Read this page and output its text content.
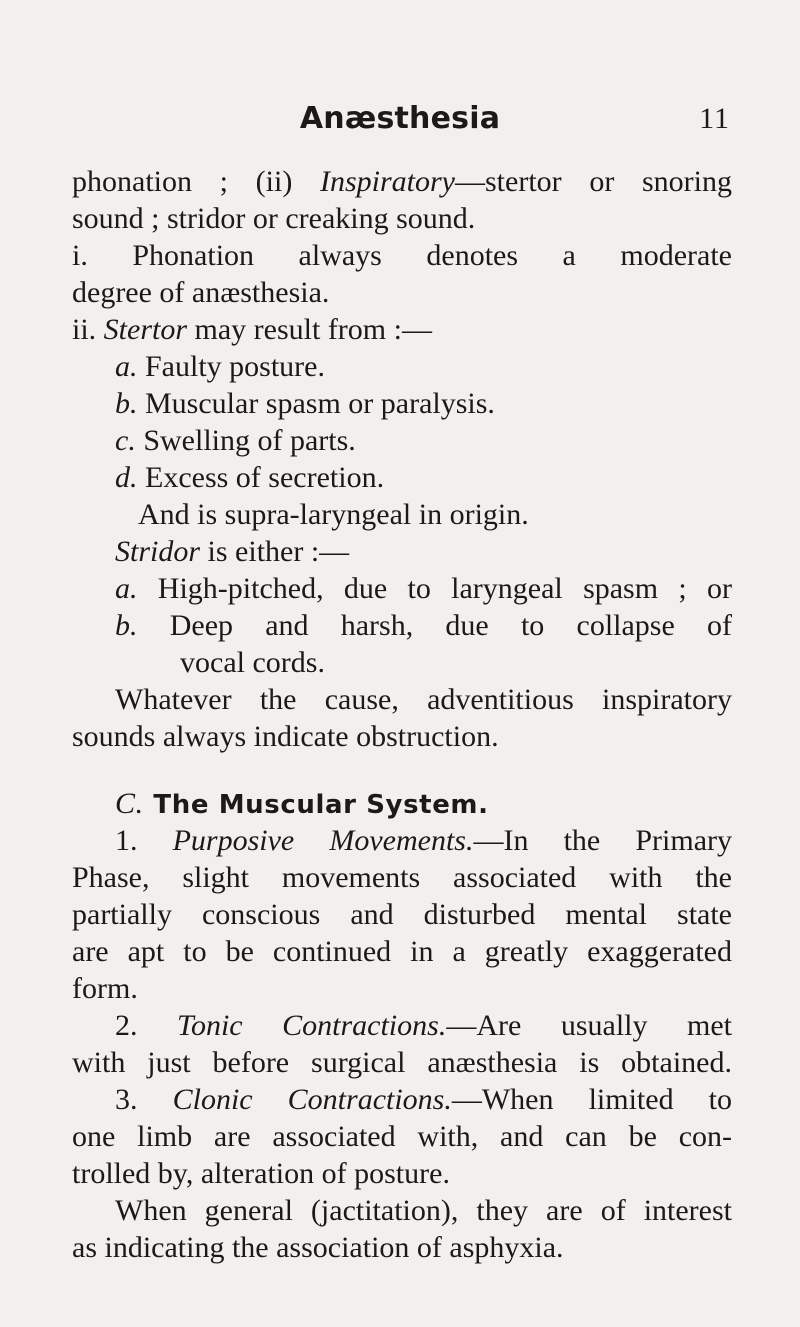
Anæsthesia	11
phonation ; (ii) Inspiratory—stertor or snoring
sound ; stridor or creaking sound.
i. Phonation always denotes a moderate
degree of anæsthesia.
ii. Stertor may result from :—
a. Faulty posture.
b. Muscular spasm or paralysis.
c. Swelling of parts.
d. Excess of secretion.
And is supra-laryngeal in origin.
Stridor is either :—
a. High-pitched, due to laryngeal spasm ; or
b. Deep and harsh, due to collapse of
vocal cords.
Whatever the cause, adventitious inspiratory
sounds always indicate obstruction.
C. The Muscular System.
1. Purposive Movements.—In the Primary
Phase, slight movements associated with the
partially conscious and disturbed mental state
are apt to be continued in a greatly exaggerated
form.
2. Tonic Contractions.—Are usually met
with just before surgical anæsthesia is obtained.
3. Clonic Contractions.—When limited to
one limb are associated with, and can be con-
trolled by, alteration of posture.
When general (jactitation), they are of interest
as indicating the association of asphyxia.
